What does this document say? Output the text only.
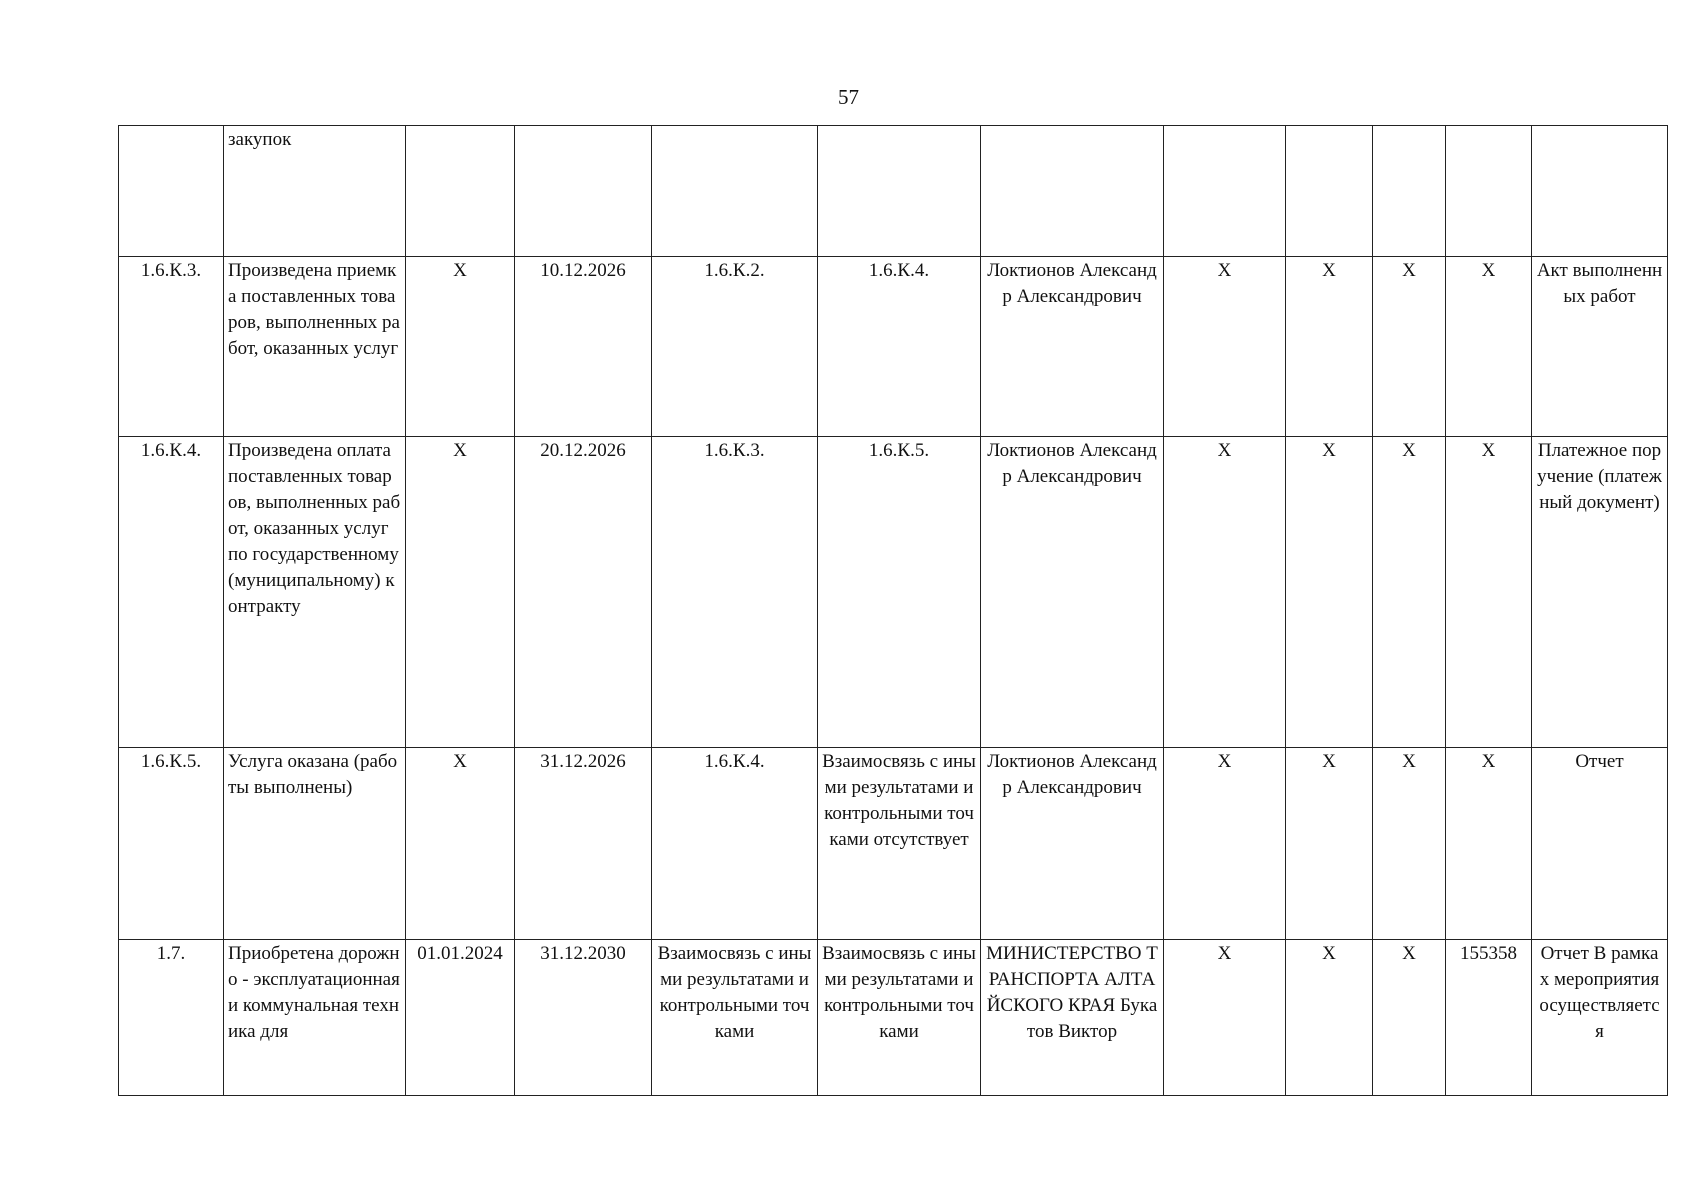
57
	закупок										
1.6.К.3.	Произведена приемка поставленных товаров, выполненных работ, оказанных услуг	X	10.12.2026	1.6.К.2.	1.6.К.4.	Локтионов Александр Александрович	X	X	X	X	Акт выполненных работ
1.6.К.4.	Произведена оплата поставленных товаров, выполненных работ, оказанных услуг по государственному (муниципальному) контракту	X	20.12.2026	1.6.К.3.	1.6.К.5.	Локтионов Александр Александрович	X	X	X	X	Платежное поручение (платежный документ)
1.6.К.5.	Услуга оказана (работы выполнены)	X	31.12.2026	1.6.К.4.	Взаимосвязь с иными результатами и контрольными точками отсутствует	Локтионов Александр Александрович	X	X	X	X	Отчет
1.7.	Приобретена дорожно - эксплуатационная и коммунальная техника для	01.01.2024	31.12.2030	Взаимосвязь с иными результатами и контрольными точками	Взаимосвязь с иными результатами и контрольными точками	МИНИСТЕРСТВО ТРАНСПОРТА АЛТАЙСКОГО КРАЯ Букатов Виктор	X	X	X	155358	Отчет В рамках мероприятия осуществляется
